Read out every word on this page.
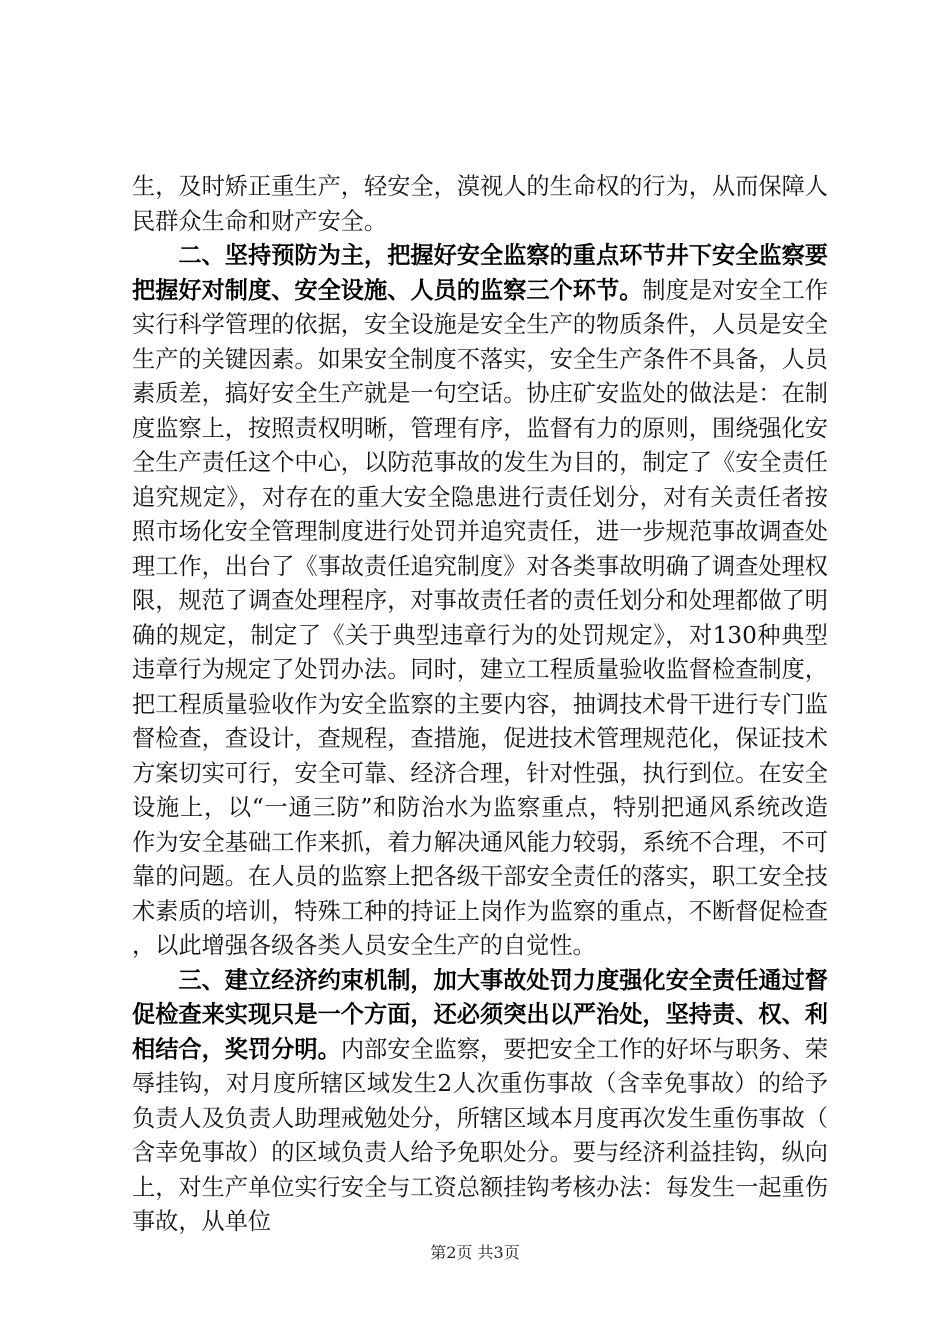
生，及时矫正重生产，轻安全，漠视人的生命权的行为，从而保障人民群众生命和财产安全。

二、坚持预防为主，把握好安全监察的重点环节井下安全监察要把握好对制度、安全设施、人员的监察三个环节。制度是对安全工作实行科学管理的依据，安全设施是安全生产的物质条件，人员是安全生产的关键因素。如果安全制度不落实，安全生产条件不具备，人员素质差，搞好安全生产就是一句空话。协庄矿安监处的做法是：在制度监察上，按照责权明晰，管理有序，监督有力的原则，围绕强化安全生产责任这个中心，以防范事故的发生为目的，制定了《安全责任追究规定》，对存在的重大安全隐患进行责任划分，对有关责任者按照市场化安全管理制度进行处罚并追究责任，进一步规范事故调查处理工作，出台了《事故责任追究制度》对各类事故明确了调查处理权限，规范了调查处理程序，对事故责任者的责任划分和处理都做了明确的规定，制定了《关于典型违章行为的处罚规定》，对130种典型违章行为规定了处罚办法。同时，建立工程质量验收监督检查制度，把工程质量验收作为安全监察的主要内容，抽调技术骨干进行专门监督检查，查设计，查规程，查措施，促进技术管理规范化，保证技术方案切实可行，安全可靠、经济合理，针对性强，执行到位。在安全设施上，以“一通三防”和防治水为监察重点，特别把通风系统改造作为安全基础工作来抓，着力解决通风能力较弱，系统不合理，不可靠的问题。在人员的监察上把各级干部安全责任的落实，职工安全技术素质的培训，特殊工种的持证上岗作为监察的重点，不断督促检查，以此增强各级各类人员安全生产的自觉性。

三、建立经济约束机制，加大事故处罚力度强化安全责任通过督促检查来实现只是一个方面，还必须突出以严治处，坚持责、权、利相结合，奖罚分明。内部安全监察，要把安全工作的好坏与职务、荣辱挂钩，对月度所辖区域发生2人次重伤事故（含幸免事故）的给予负责人及负责人助理戒勉处分，所辖区域本月度再次发生重伤事故（含幸免事故）的区域负责人给予免职处分。要与经济利益挂钩，纵向上，对生产单位实行安全与工资总额挂钩考核办法：每发生一起重伤事故，从单位

第2页 共3页
